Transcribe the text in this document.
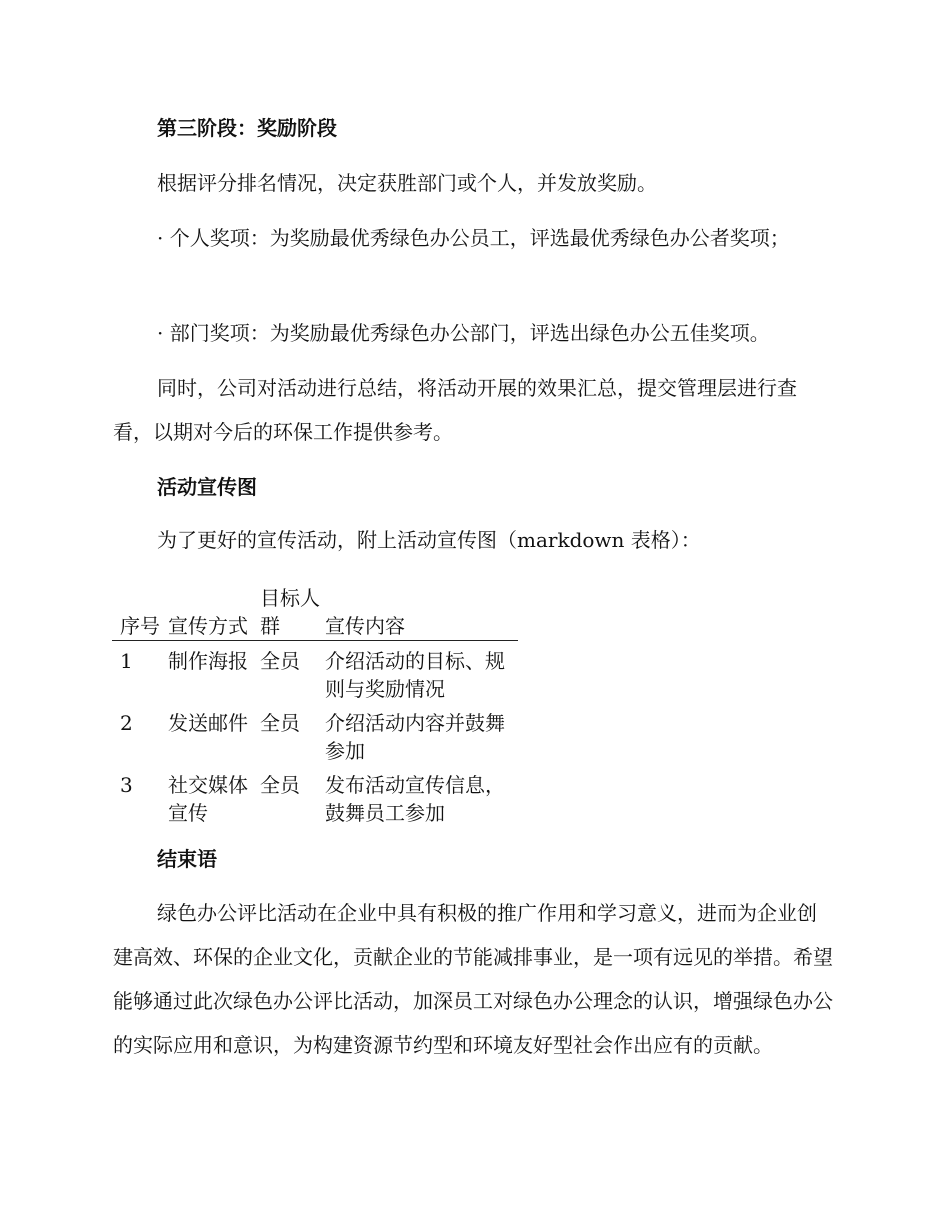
第三阶段：奖励阶段

根据评分排名情况，决定获胜部门或个人，并发放奖励。

· 个人奖项：为奖励最优秀绿色办公员工，评选最优秀绿色办公者奖项；

· 部门奖项：为奖励最优秀绿色办公部门，评选出绿色办公五佳奖项。

同时，公司对活动进行总结，将活动开展的效果汇总，提交管理层进行查看，以期对今后的环保工作提供参考。

活动宣传图

为了更好的宣传活动，附上活动宣传图（markdown 表格）：

序号	宣传方式	目标人群	宣传内容
1	制作海报	全员	介绍活动的目标、规则与奖励情况
2	发送邮件	全员	介绍活动内容并鼓舞参加
3	社交媒体宣传	全员	发布活动宣传信息，鼓舞员工参加
结束语

绿色办公评比活动在企业中具有积极的推广作用和学习意义，进而为企业创建高效、环保的企业文化，贡献企业的节能减排事业，是一项有远见的举措。希望能够通过此次绿色办公评比活动，加深员工对绿色办公理念的认识，增强绿色办公的实际应用和意识，为构建资源节约型和环境友好型社会作出应有的贡献。
